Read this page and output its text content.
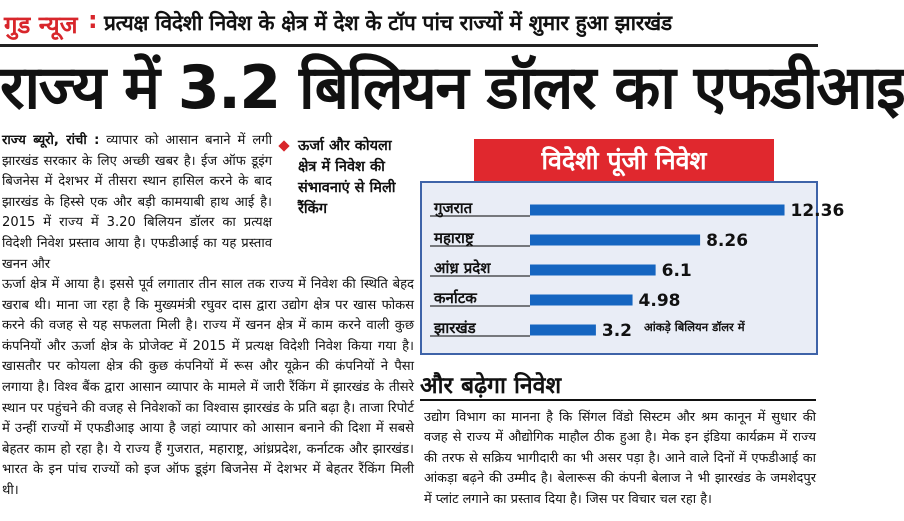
गुड न्यूज : प्रत्यक्ष विदेशी निवेश के क्षेत्र में देश के टॉप पांच राज्यों में शुमार हुआ झारखंड
राज्य में 3.2 बिलियन डॉलर का एफडीआइ
राज्य ब्यूरो, रांची : व्यापार को आसान बनाने में लगी झारखंड सरकार के लिए अच्छी खबर है। ईज ऑफ डूइंग बिजनेस में देशभर में तीसरा स्थान हासिल करने के बाद झारखंड के हिस्से एक और बड़ी कामयाबी हाथ आई है। 2015 में राज्य में 3.20 बिलियन डॉलर का प्रत्यक्ष विदेशी निवेश प्रस्ताव आया है। एफडीआई का यह प्रस्ताव खनन और
ऊर्जा और कोयला क्षेत्र में निवेश की संभावनाएं से मिली रैंकिंग
ऊर्जा क्षेत्र में आया है। इससे पूर्व लगातार तीन साल तक राज्य में निवेश की स्थिति बेहद खराब थी। माना जा रहा है कि मुख्यमंत्री रघुवर दास द्वारा उद्योग क्षेत्र पर खास फोकस करने की वजह से यह सफलता मिली है। राज्य में खनन क्षेत्र में काम करने वाली कुछ कंपनियों और ऊर्जा क्षेत्र के प्रोजेक्ट में 2015 में प्रत्यक्ष विदेशी निवेश किया गया है। खासतौर पर कोयला क्षेत्र की कुछ कंपनियों में रूस और यूक्रेन की कंपनियों ने पैसा लगाया है। विश्व बैंक द्वारा आसान व्यापार के मामले में जारी रैंकिंग में झारखंड के तीसरे स्थान पर पहुंचने की वजह से निवेशकों का विश्वास झारखंड के प्रति बढ़ा है। ताजा रिपोर्ट में उन्हीं राज्यों में एफडीआइ आया है जहां व्यापार को आसान बनाने की दिशा में सबसे बेहतर काम हो रहा है। ये राज्य हैं गुजरात, महाराष्ट्र, आंध्रप्रदेश, कर्नाटक और झारखंड। भारत के इन पांच राज्यों को इज ऑफ डूइंग बिजनेस में देशभर में बेहतर रैंकिंग मिली थी।
विदेशी पूंजी निवेश
गुजरात	12.36
महाराष्ट्र	8.26
आंध्र प्रदेश	6.1
कर्नाटक	4.98
झारखंड	3.2 आंकड़े बिलियन डॉलर में
और बढ़ेगा निवेश
उद्योग विभाग का मानना है कि सिंगल विंडो सिस्टम और श्रम कानून में सुधार की वजह से राज्य में औद्योगिक माहौल ठीक हुआ है। मेक इन इंडिया कार्यक्रम में राज्य की तरफ से सक्रिय भागीदारी का भी असर पड़ा है। आने वाले दिनों में एफडीआई का आंकड़ा बढ़ने की उम्मीद है। बेलारूस की कंपनी बेलाज ने भी झारखंड के जमशेदपुर में प्लांट लगाने का प्रस्ताव दिया है। जिस पर विचार चल रहा है।
